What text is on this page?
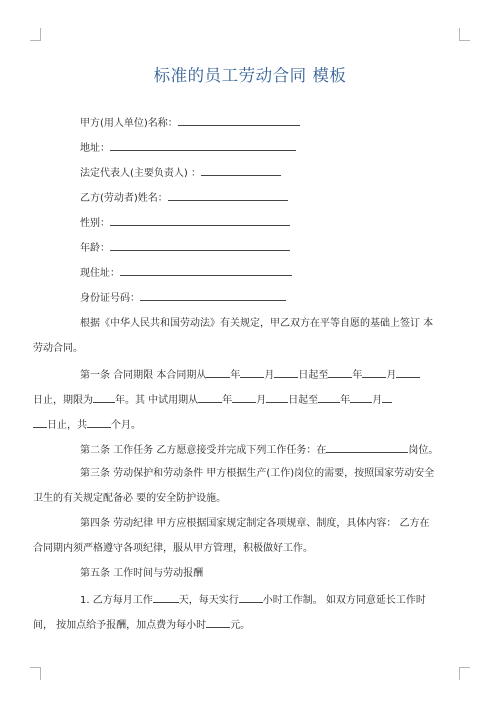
标准的员工劳动合同 模板
甲方(用人单位)名称：
地址：
法定代表人(主要负责人) ：
乙方(劳动者)姓名：
性别：
年龄：
现住址：
身份证号码：
根据《中华人民共和国劳动法》有关规定，甲乙双方在平等自愿的基础上签订 本
劳动合同。
第一条 合同期限 本合同期从 年 月 日起至 年 月
日止，期限为 年。其 中试用期从 年 月 日起至 年 月
日止，共 个月。
第二条 工作任务 乙方愿意接受并完成下列工作任务：在	岗位。
第三条 劳动保护和劳动条件 甲方根据生产(工作)岗位的需要，按照国家劳动安全
卫生的有关规定配备必 要的安全防护设施。
第四条 劳动纪律 甲方应根据国家规定制定各项规章、制度，具体内容： 乙方在
合同期内须严格遵守各项纪律，服从甲方管理，积极做好工作。
第五条 工作时间与劳动报酬
1. 乙方每月工作	天，每天实行 小时工作制。 如双方同意延长工作时
间， 按加点给予报酬，加点费为每小时 元。
